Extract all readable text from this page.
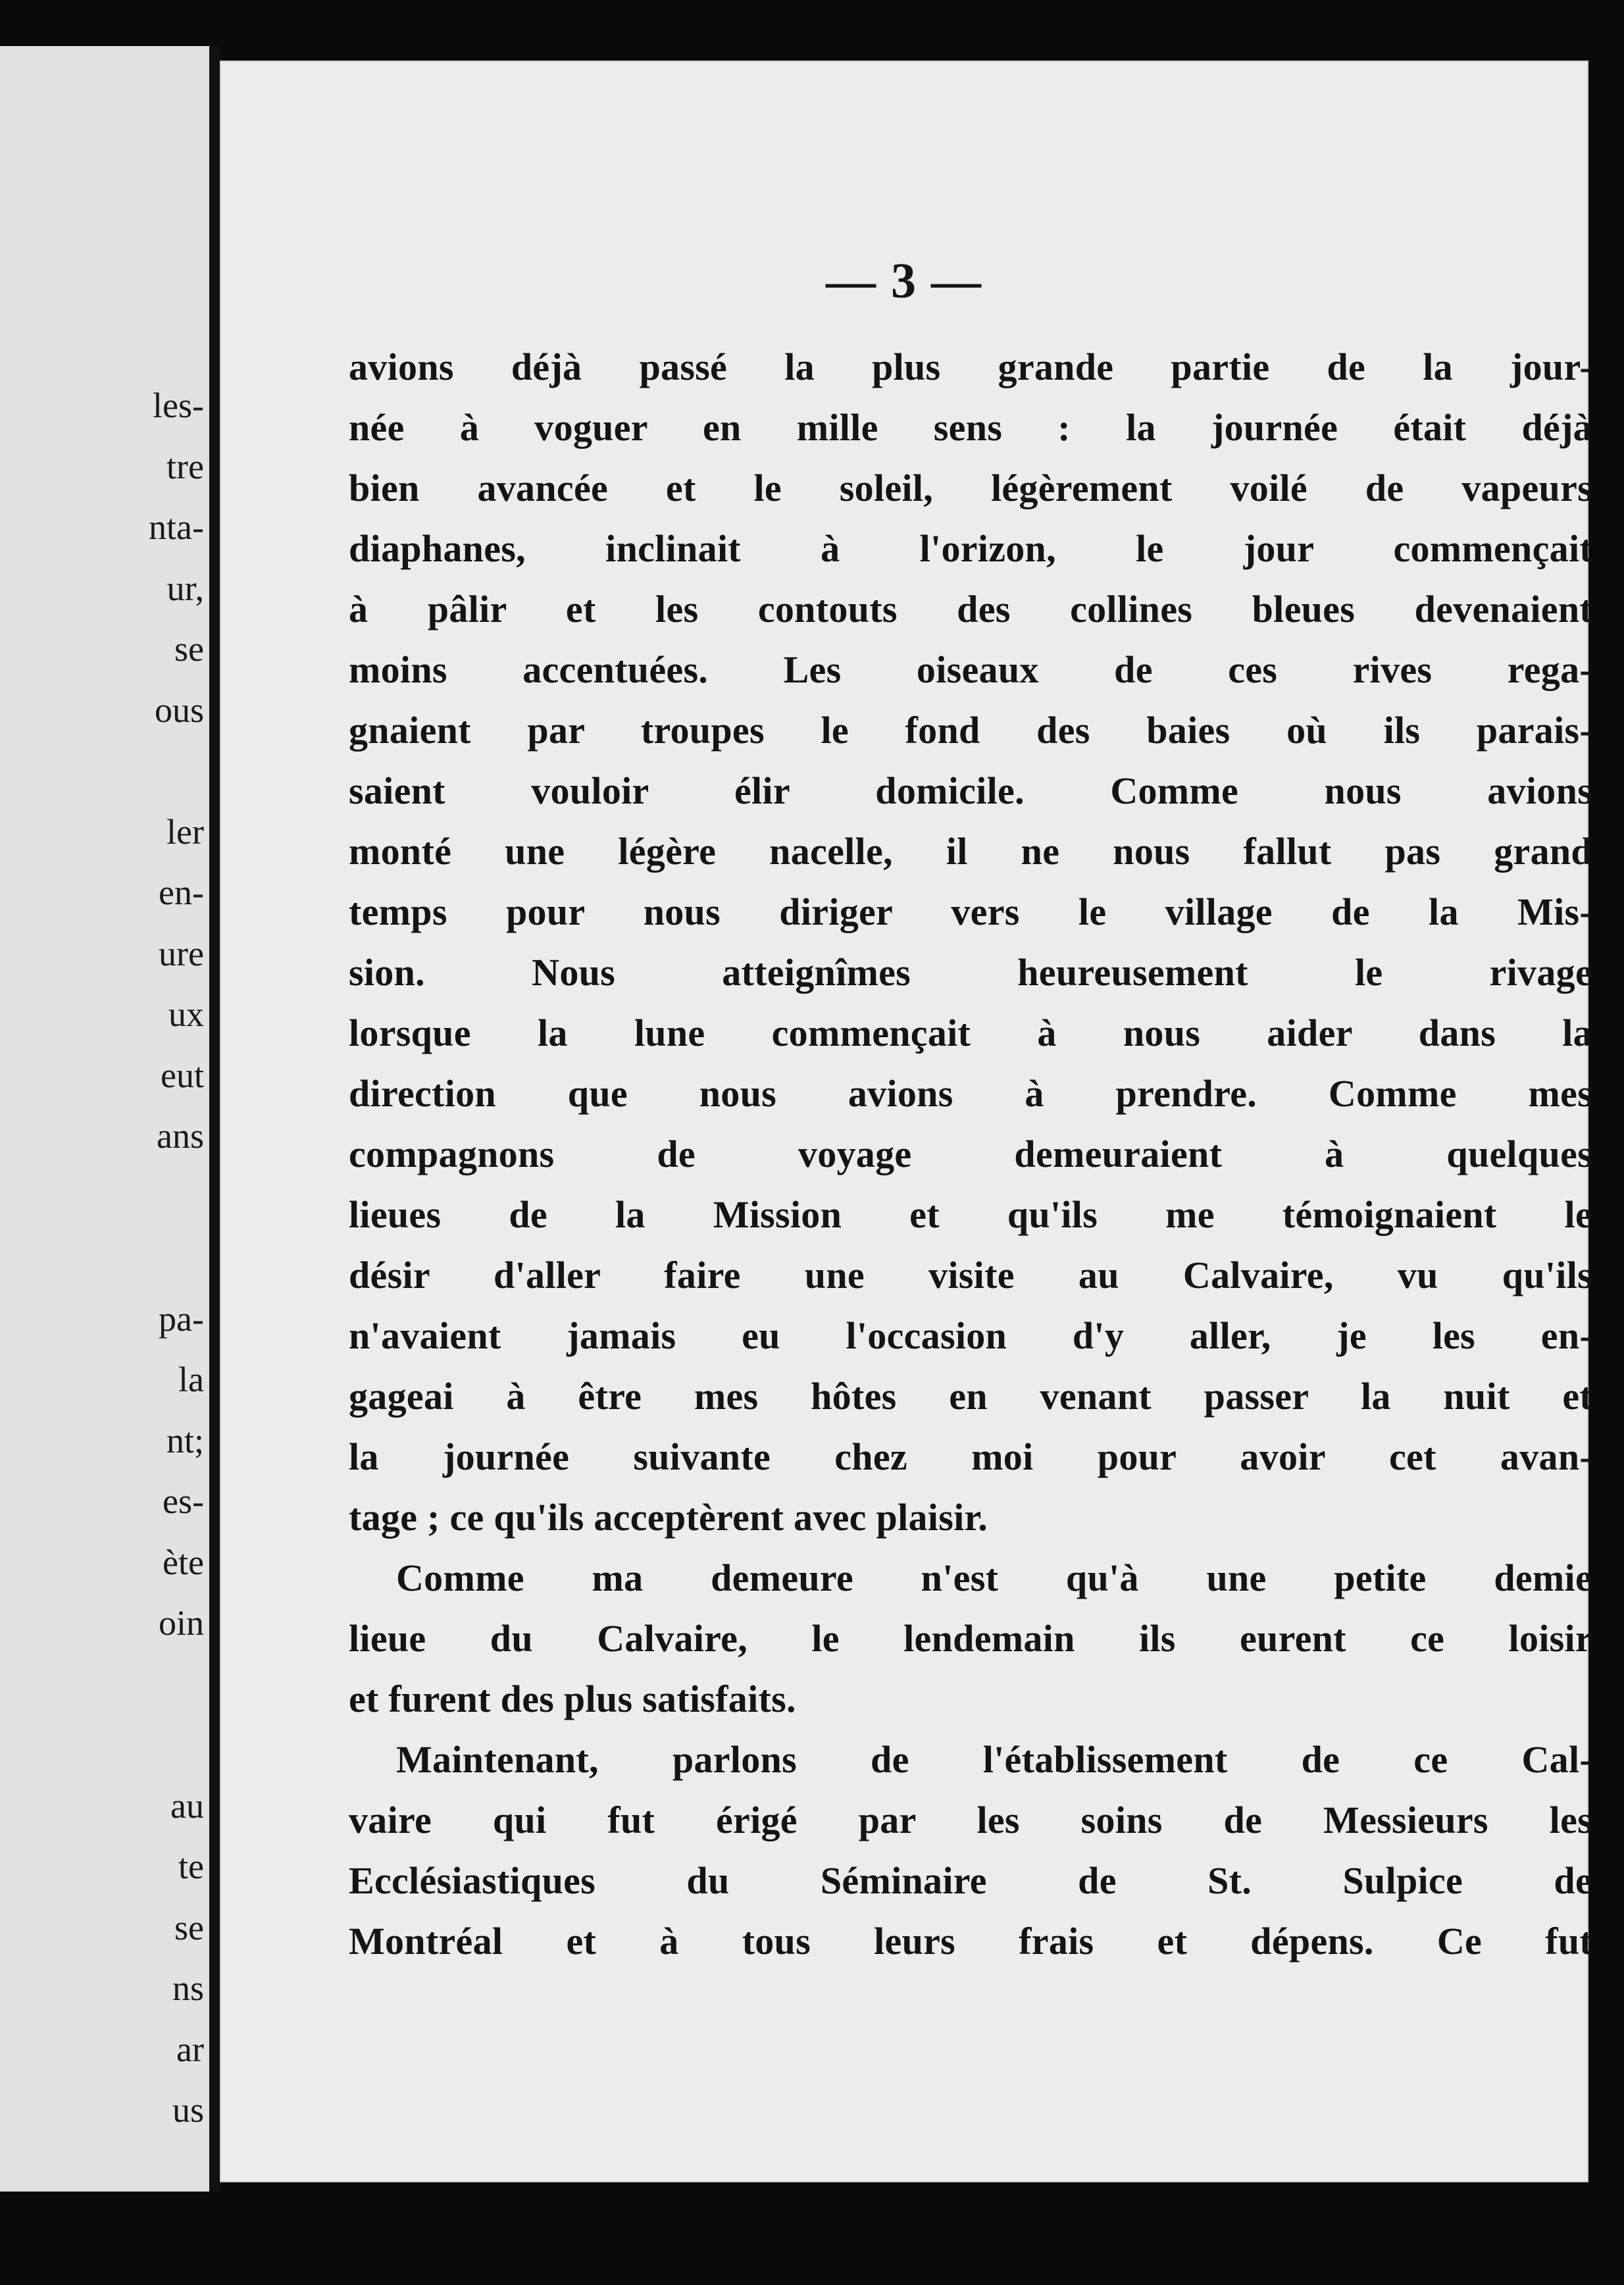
les-
tre
nta-
ur,
se
ous
ler
en-
ure
ux
eut
ans
pa-
la
nt;
es-
ète
oin
au
te
se
ns
ar
us
— 3 —
avions déjà passé la plus grande partie de la jour-
née à voguer en mille sens : la journée était déjà
bien avancée et le soleil, légèrement voilé de vapeurs
diaphanes, inclinait à l'orizon, le jour commençait
à pâlir et les contouts des collines bleues devenaient
moins accentuées. Les oiseaux de ces rives rega-
gnaient par troupes le fond des baies où ils parais-
saient vouloir élir domicile. Comme nous avions
monté une légère nacelle, il ne nous fallut pas grand
temps pour nous diriger vers le village de la Mis-
sion. Nous atteignîmes heureusement le rivage
lorsque la lune commençait à nous aider dans la
direction que nous avions à prendre. Comme mes
compagnons de voyage demeuraient à quelques
lieues de la Mission et qu'ils me témoignaient le
désir d'aller faire une visite au Calvaire, vu qu'ils
n'avaient jamais eu l'occasion d'y aller, je les en-
gageai à être mes hôtes en venant passer la nuit et
la journée suivante chez moi pour avoir cet avan-
tage ; ce qu'ils acceptèrent avec plaisir.
Comme ma demeure n'est qu'à une petite demie
lieue du Calvaire, le lendemain ils eurent ce loisir
et furent des plus satisfaits.
Maintenant, parlons de l'établissement de ce Cal-
vaire qui fut érigé par les soins de Messieurs les
Ecclésiastiques du Séminaire de St. Sulpice de
Montréal et à tous leurs frais et dépens. Ce fut
